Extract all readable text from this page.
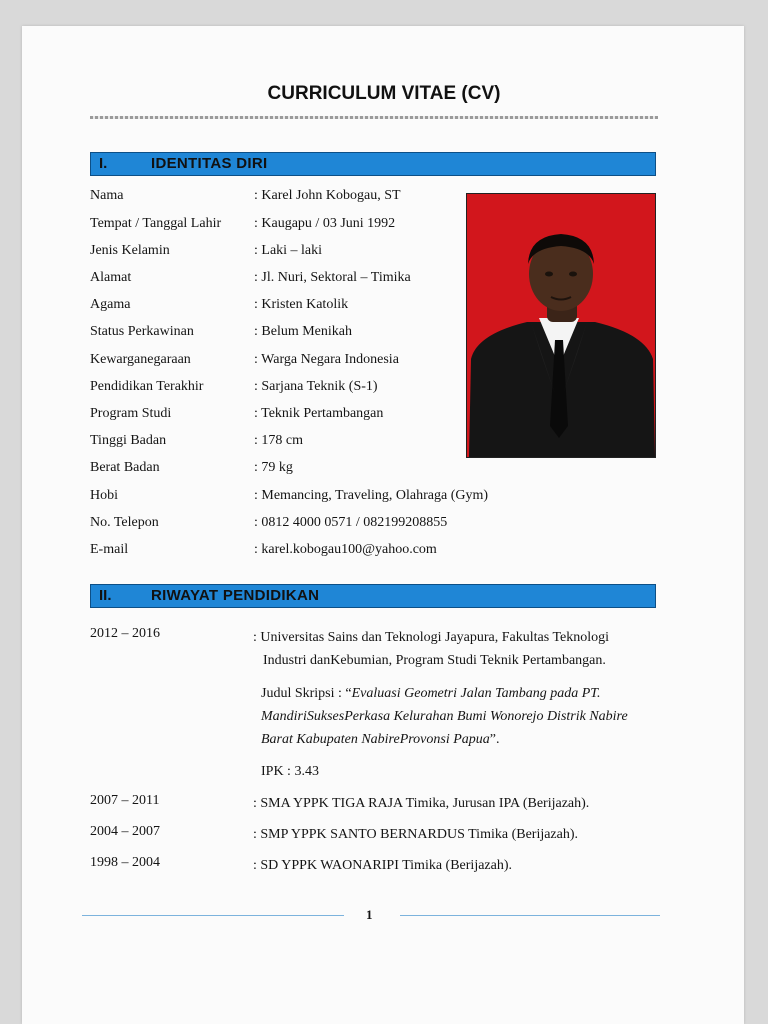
CURRICULUM VITAE (CV)
I.	IDENTITAS DIRI
Nama	: Karel John Kobogau, ST
Tempat / Tanggal Lahir : Kaugapu / 03 Juni 1992
Jenis Kelamin	: Laki – laki
Alamat	: Jl. Nuri, Sektoral – Timika
Agama	: Kristen Katolik
Status Perkawinan	: Belum Menikah
Kewarganegaraan	: Warga Negara Indonesia
Pendidikan Terakhir	: Sarjana Teknik (S-1)
Program Studi	: Teknik Pertambangan
Tinggi Badan	: 178 cm
Berat Badan	: 79 kg
Hobi	: Memancing, Traveling, Olahraga (Gym)
No. Telepon	: 0812 4000 0571 / 082199208855
E-mail	: karel.kobogau100@yahoo.com
II.	RIWAYAT PENDIDIKAN
2012 – 2016	: Universitas Sains dan Teknologi Jayapura, Fakultas Teknologi
Industri danKebumian, Program Studi Teknik Pertambangan.
Judul Skripsi : “Evaluasi Geometri Jalan Tambang pada PT.
MandiriSuksesPerkasa Kelurahan Bumi Wonorejo Distrik Nabire
Barat Kabupaten NabireProvonsi Papua”.
IPK : 3.43
2007 – 2011	: SMA YPPK TIGA RAJA Timika, Jurusan IPA (Berijazah).
2004 – 2007	: SMP YPPK SANTO BERNARDUS Timika (Berijazah).
1998 – 2004	: SD YPPK WAONARIPI Timika (Berijazah).
1
